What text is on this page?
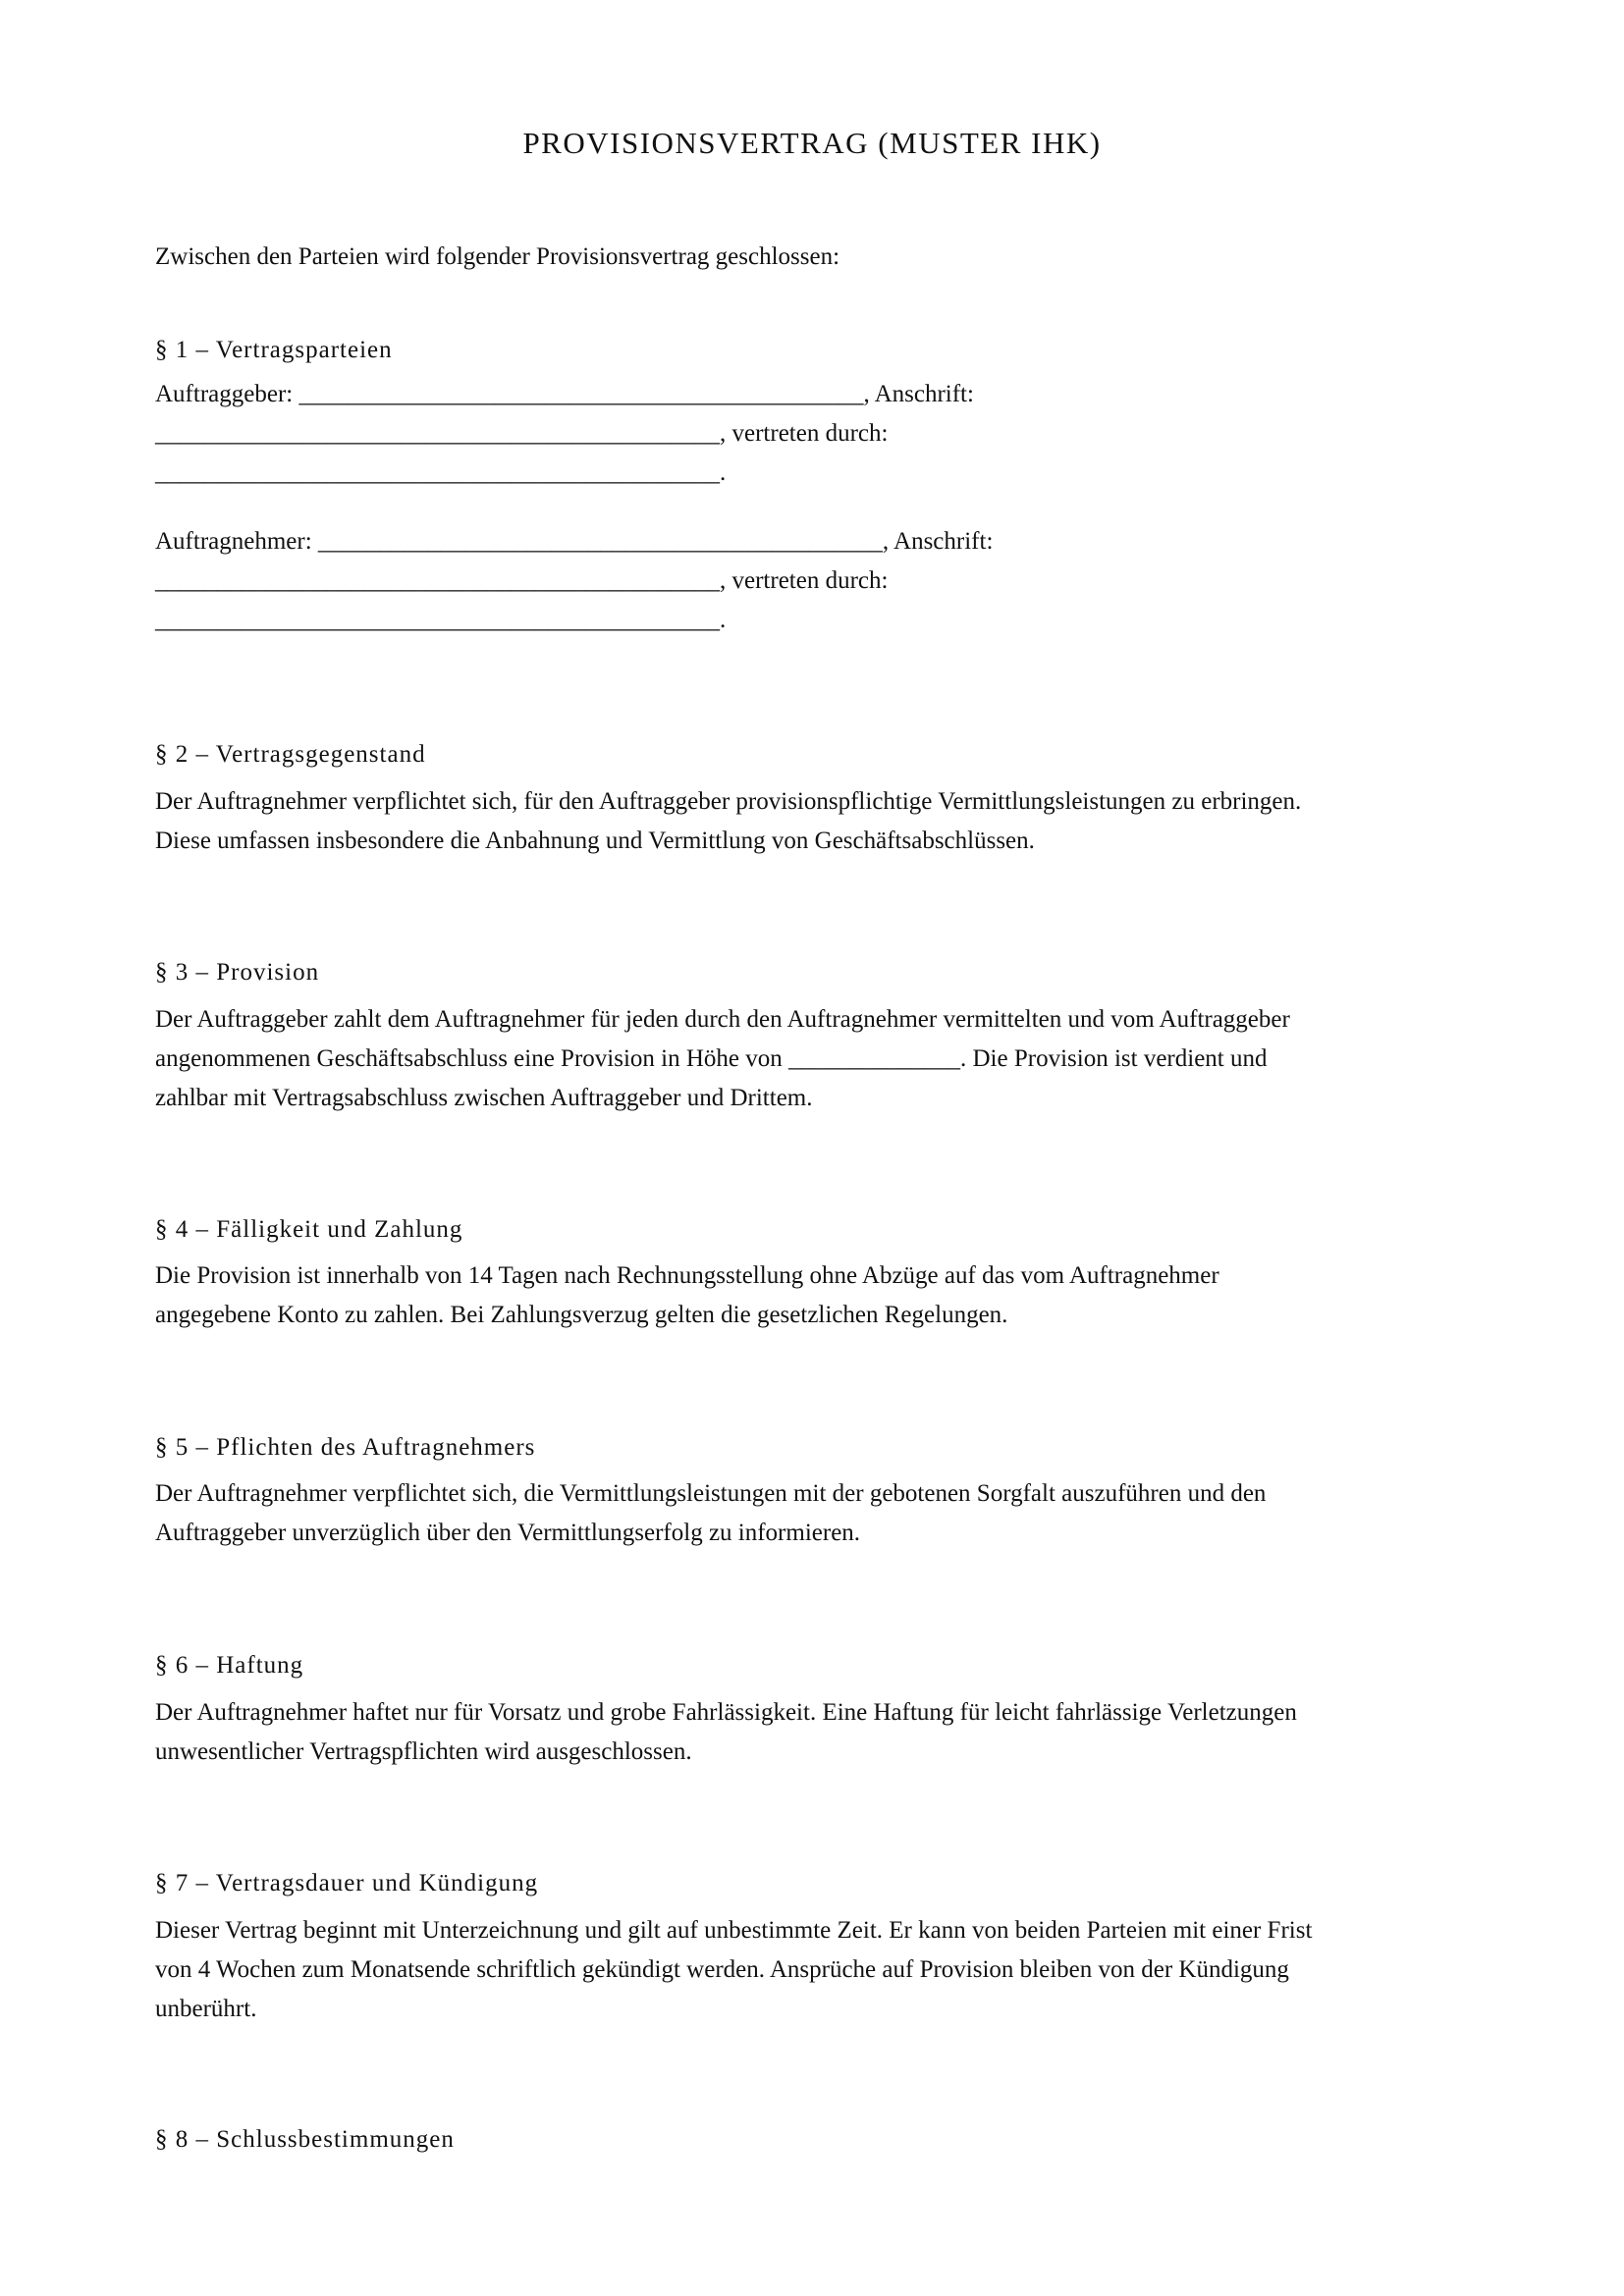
PROVISIONSVERTRAG (MUSTER IHK)
Zwischen den Parteien wird folgender Provisionsvertrag geschlossen:
§ 1 – Vertragsparteien
Auftraggeber: ______________________________________________, Anschrift:
______________________________________________, vertreten durch:
______________________________________________.
Auftragnehmer: ______________________________________________, Anschrift:
______________________________________________, vertreten durch:
______________________________________________.
§ 2 – Vertragsgegenstand
Der Auftragnehmer verpflichtet sich, für den Auftraggeber provisionspflichtige Vermittlungsleistungen zu erbringen.
Diese umfassen insbesondere die Anbahnung und Vermittlung von Geschäftsabschlüssen.
§ 3 – Provision
Der Auftraggeber zahlt dem Auftragnehmer für jeden durch den Auftragnehmer vermittelten und vom Auftraggeber
angenommenen Geschäftsabschluss eine Provision in Höhe von ______________. Die Provision ist verdient und
zahlbar mit Vertragsabschluss zwischen Auftraggeber und Drittem.
§ 4 – Fälligkeit und Zahlung
Die Provision ist innerhalb von 14 Tagen nach Rechnungsstellung ohne Abzüge auf das vom Auftragnehmer
angegebene Konto zu zahlen. Bei Zahlungsverzug gelten die gesetzlichen Regelungen.
§ 5 – Pflichten des Auftragnehmers
Der Auftragnehmer verpflichtet sich, die Vermittlungsleistungen mit der gebotenen Sorgfalt auszuführen und den
Auftraggeber unverzüglich über den Vermittlungserfolg zu informieren.
§ 6 – Haftung
Der Auftragnehmer haftet nur für Vorsatz und grobe Fahrlässigkeit. Eine Haftung für leicht fahrlässige Verletzungen
unwesentlicher Vertragspflichten wird ausgeschlossen.
§ 7 – Vertragsdauer und Kündigung
Dieser Vertrag beginnt mit Unterzeichnung und gilt auf unbestimmte Zeit. Er kann von beiden Parteien mit einer Frist
von 4 Wochen zum Monatsende schriftlich gekündigt werden. Ansprüche auf Provision bleiben von der Kündigung
unberührt.
§ 8 – Schlussbestimmungen
